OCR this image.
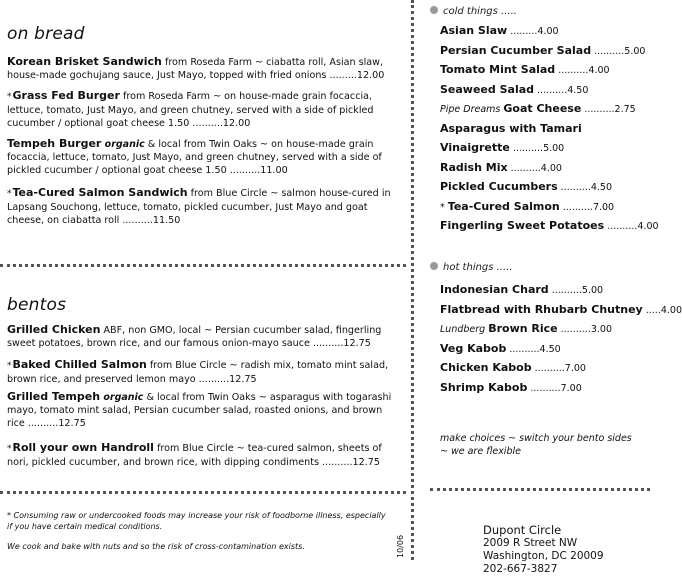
on bread
Korean Brisket Sandwich from Roseda Farm ~ ciabatta roll, Asian slaw, house-made gochujang sauce, Just Mayo, topped with fried onions .........12.00
*Grass Fed Burger from Roseda Farm ~ on house-made grain focaccia, lettuce, tomato, Just Mayo, and green chutney, served with a side of pickled cucumber / optional goat cheese 1.50 ..........12.00
Tempeh Burger organic & local from Twin Oaks ~ on house-made grain focaccia, lettuce, tomato, Just Mayo, and green chutney, served with a side of pickled cucumber / optional goat cheese 1.50 ..........11.00
*Tea-Cured Salmon Sandwich from Blue Circle ~ salmon house-cured in Lapsang Souchong, lettuce, tomato, pickled cucumber, Just Mayo and goat cheese, on ciabatta roll ..........11.50
bentos
Grilled Chicken ABF, non GMO, local ~ Persian cucumber salad, fingerling sweet potatoes, brown rice, and our famous onion-mayo sauce ..........12.75
*Baked Chilled Salmon from Blue Circle ~ radish mix, tomato mint salad, brown rice, and preserved lemon mayo ..........12.75
Grilled Tempeh organic & local from Twin Oaks ~ asparagus with togarashi mayo, tomato mint salad, Persian cucumber salad, roasted onions, and brown rice ..........12.75
*Roll your own Handroll from Blue Circle ~ tea-cured salmon, sheets of nori, pickled cucumber, and brown rice, with dipping condiments ..........12.75
* Consuming raw or undercooked foods may increase your risk of foodborne illness, especially if you have certain medical conditions.
We cook and bake with nuts and so the risk of cross-contamination exists.	10/06
cold things .....
Asian Slaw .........4.00
Persian Cucumber Salad ..........5.00
Tomato Mint Salad ..........4.00
Seaweed Salad ..........4.50
Pipe Dreams Goat Cheese ..........2.75
Asparagus with Tamari
Vinaigrette ..........5.00
Radish Mix ..........4.00
Pickled Cucumbers ..........4.50
* Tea-Cured Salmon ..........7.00
Fingerling Sweet Potatoes ..........4.00
hot things .....
Indonesian Chard ..........5.00
Flatbread with Rhubarb Chutney .....4.00
Lundberg Brown Rice ..........3.00
Veg Kabob ..........4.50
Chicken Kabob ..........7.00
Shrimp Kabob ..........7.00
make choices ~ switch your bento sides ~ we are flexible
Dupont Circle
2009 R Street NW
Washington, DC 20009
202-667-3827
